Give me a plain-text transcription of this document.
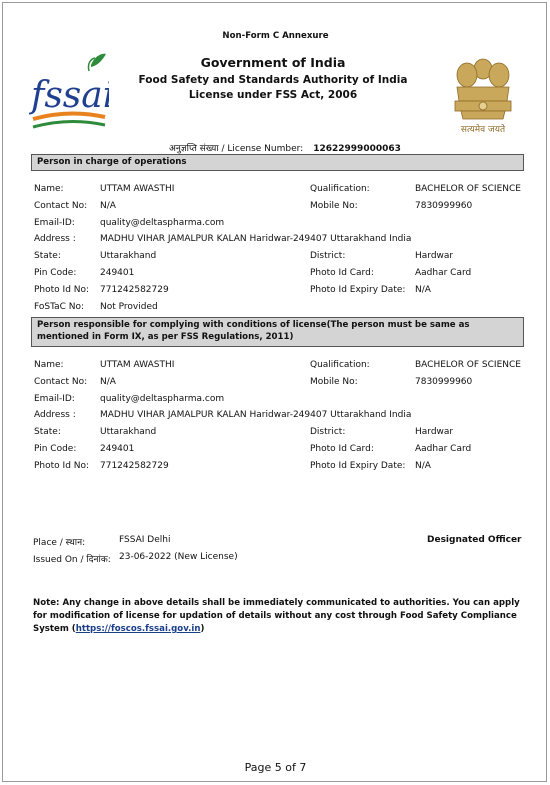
Non-Form C Annexure
fssai
Government of India
Food Safety and Standards Authority of India
License under FSS Act, 2006
सत्यमेव जयते
अनुज्ञप्ति संख्या / License Number: 12622999000063
Person in charge of operations
Name:	UTTAM AWASTHI	Qualification:	BACHELOR OF SCIENCE
Contact No: N/A	Mobile No:	7830999960
Email-ID:	quality@deltaspharma.com
Address :	MADHU VIHAR JAMALPUR KALAN Haridwar-249407 Uttarakhand India
State:	Uttarakhand	District:	Hardwar
Pin Code:	249401	Photo Id Card:	Aadhar Card
Photo Id No: 771242582729	Photo Id Expiry Date: N/A
FoSTaC No: Not Provided
Person responsible for complying with conditions of license(The person must be same as mentioned in Form IX, as per FSS Regulations, 2011)
Name:	UTTAM AWASTHI	Qualification:	BACHELOR OF SCIENCE
Contact No: N/A	Mobile No:	7830999960
Email-ID:	quality@deltaspharma.com
Address :	MADHU VIHAR JAMALPUR KALAN Haridwar-249407 Uttarakhand India
State:	Uttarakhand	District:	Hardwar
Pin Code:	249401	Photo Id Card:	Aadhar Card
Photo Id No: 771242582729	Photo Id Expiry Date: N/A
Place / स्थान:	FSSAI Delhi
Issued On / दिनांक: 23-06-2022 (New License)
Designated Officer
Note: Any change in above details shall be immediately communicated to authorities. You can apply for modification of license for updation of details without any cost through Food Safety Compliance System (https://foscos.fssai.gov.in)
Page 5 of 7
